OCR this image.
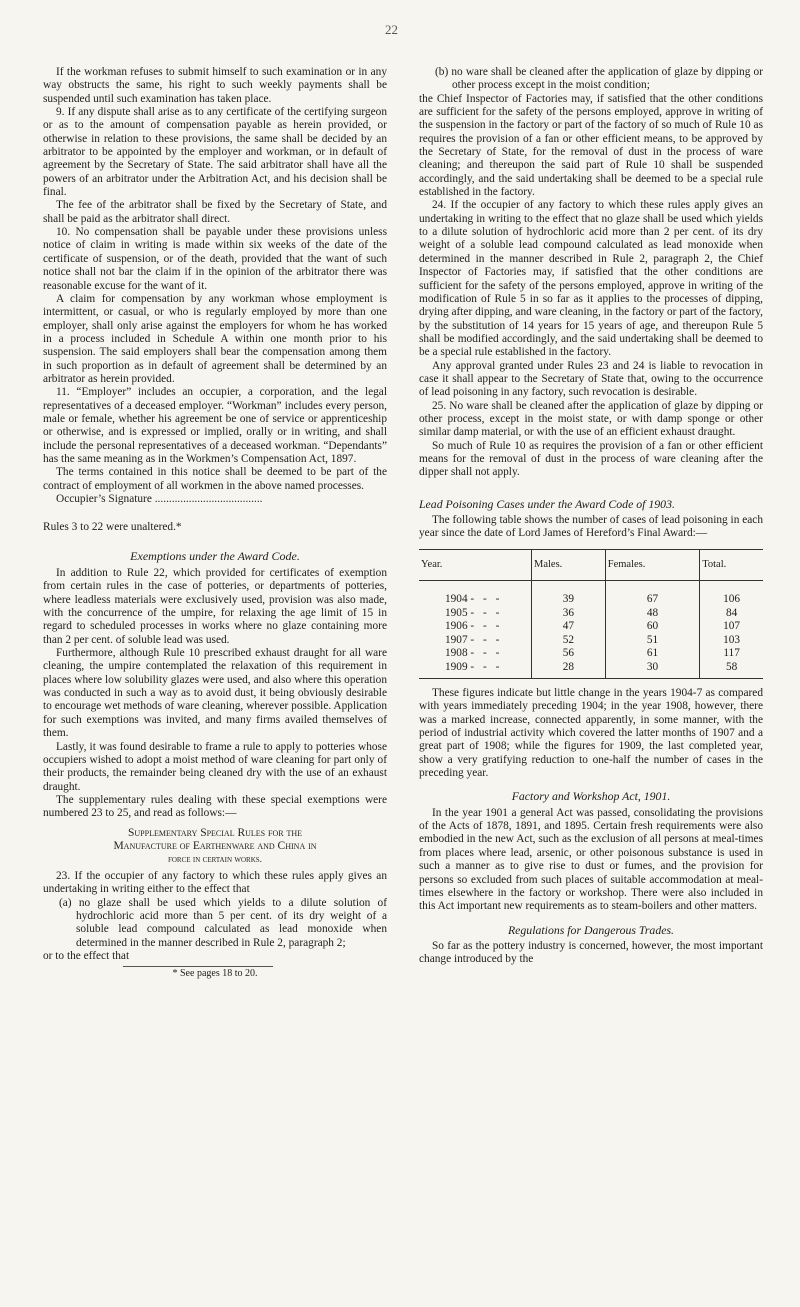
22

If the workman refuses to submit himself to such examination or in any way obstructs the same, his right to such weekly payments shall be suspended until such examination has taken place.

9. If any dispute shall arise as to any certificate of the certifying surgeon or as to the amount of compensation payable as herein provided, or otherwise in relation to these provisions, the same shall be decided by an arbitrator to be appointed by the employer and workman, or in default of agreement by the Secretary of State. The said arbitrator shall have all the powers of an arbitrator under the Arbitration Act, and his decision shall be final.

The fee of the arbitrator shall be fixed by the Secretary of State, and shall be paid as the arbitrator shall direct.

10. No compensation shall be payable under these provisions unless notice of claim in writing is made within six weeks of the date of the certificate of suspension, or of the death, provided that the want of such notice shall not bar the claim if in the opinion of the arbitrator there was reasonable excuse for the want of it.

A claim for compensation by any workman whose employment is intermittent, or casual, or who is regularly employed by more than one employer, shall only arise against the employers for whom he has worked in a process included in Schedule A within one month prior to his suspension. The said employers shall bear the compensation among them in such proportion as in default of agreement shall be determined by an arbitrator as herein provided.

11. “Employer” includes an occupier, a corporation, and the legal representatives of a deceased employer. “Workman” includes every person, male or female, whether his agreement be one of service or apprenticeship or otherwise, and is expressed or implied, orally or in writing, and shall include the personal representatives of a deceased workman. “Dependants” has the same meaning as in the Workmen’s Compensation Act, 1897.

The terms contained in this notice shall be deemed to be part of the contract of employment of all workmen in the above named processes.

Occupier’s Signature ......................................

Rules 3 to 22 were unaltered.*

Exemptions under the Award Code.

In addition to Rule 22, which provided for certificates of exemption from certain rules in the case of potteries, or departments of potteries, where leadless materials were exclusively used, provision was also made, with the concurrence of the umpire, for relaxing the age limit of 15 in regard to scheduled processes in works where no glaze containing more than 2 per cent. of soluble lead was used.

Furthermore, although Rule 10 prescribed exhaust draught for all ware cleaning, the umpire contemplated the relaxation of this requirement in places where low solubility glazes were used, and also where this operation was conducted in such a way as to avoid dust, it being obviously desirable to encourage wet methods of ware cleaning, wherever possible. Application for such exemptions was invited, and many firms availed themselves of them.

Lastly, it was found desirable to frame a rule to apply to potteries whose occupiers wished to adopt a moist method of ware cleaning for part only of their products, the remainder being cleaned dry with the use of an exhaust draught.

The supplementary rules dealing with these special exemptions were numbered 23 to 25, and read as follows:—

Supplementary Special Rules for the
Manufacture of Earthenware and China in
force in certain works.

23. If the occupier of any factory to which these rules apply gives an undertaking in writing either to the effect that

(a) no glaze shall be used which yields to a dilute solution of hydrochloric acid more than 5 per cent. of its dry weight of a soluble lead compound calculated as lead monoxide when determined in the manner described in Rule 2, paragraph 2;

or to the effect that

* See pages 18 to 20.

(b) no ware shall be cleaned after the application of glaze by dipping or other process except in the moist condition;

the Chief Inspector of Factories may, if satisfied that the other conditions are sufficient for the safety of the persons employed, approve in writing of the suspension in the factory or part of the factory of so much of Rule 10 as requires the provision of a fan or other efficient means, to be approved by the Secretary of State, for the removal of dust in the process of ware cleaning; and thereupon the said part of Rule 10 shall be suspended accordingly, and the said undertaking shall be deemed to be a special rule established in the factory.

24. If the occupier of any factory to which these rules apply gives an undertaking in writing to the effect that no glaze shall be used which yields to a dilute solution of hydrochloric acid more than 2 per cent. of its dry weight of a soluble lead compound calculated as lead monoxide when determined in the manner described in Rule 2, paragraph 2, the Chief Inspector of Factories may, if satisfied that the other conditions are sufficient for the safety of the persons employed, approve in writing of the modification of Rule 5 in so far as it applies to the processes of dipping, drying after dipping, and ware cleaning, in the factory or part of the factory, by the substitution of 14 years for 15 years of age, and thereupon Rule 5 shall be modified accordingly, and the said undertaking shall be deemed to be a special rule established in the factory.

Any approval granted under Rules 23 and 24 is liable to revocation in case it shall appear to the Secretary of State that, owing to the occurrence of lead poisoning in any factory, such revocation is desirable.

25. No ware shall be cleaned after the application of glaze by dipping or other process, except in the moist state, or with damp sponge or other similar damp material, or with the use of an efficient exhaust draught.

So much of Rule 10 as requires the provision of a fan or other efficient means for the removal of dust in the process of ware cleaning after the dipper shall not apply.

Lead Poisoning Cases under the Award Code of 1903.

The following table shows the number of cases of lead poisoning in each year since the date of Lord James of Hereford’s Final Award:—

Year.	Males.	Females.	Total.
1904 - - -	39	67	106
1905 - - -	36	48	84
1906 - - -	47	60	107
1907 - - -	52	51	103
1908 - - -	56	61	117
1909 - - -	28	30	58

These figures indicate but little change in the years 1904-7 as compared with years immediately preceding 1904; in the year 1908, however, there was a marked increase, connected apparently, in some manner, with the period of industrial activity which covered the latter months of 1907 and a great part of 1908; while the figures for 1909, the last completed year, show a very gratifying reduction to one-half the number of cases in the preceding year.

Factory and Workshop Act, 1901.

In the year 1901 a general Act was passed, consolidating the provisions of the Acts of 1878, 1891, and 1895. Certain fresh requirements were also embodied in the new Act, such as the exclusion of all persons at meal-times from places where lead, arsenic, or other poisonous substance is used in such a manner as to give rise to dust or fumes, and the provision for persons so excluded from such places of suitable accommodation at meal-times elsewhere in the factory or workshop. There were also included in this Act important new requirements as to steam-boilers and other matters.

Regulations for Dangerous Trades.

So far as the pottery industry is concerned, however, the most important change introduced by the
